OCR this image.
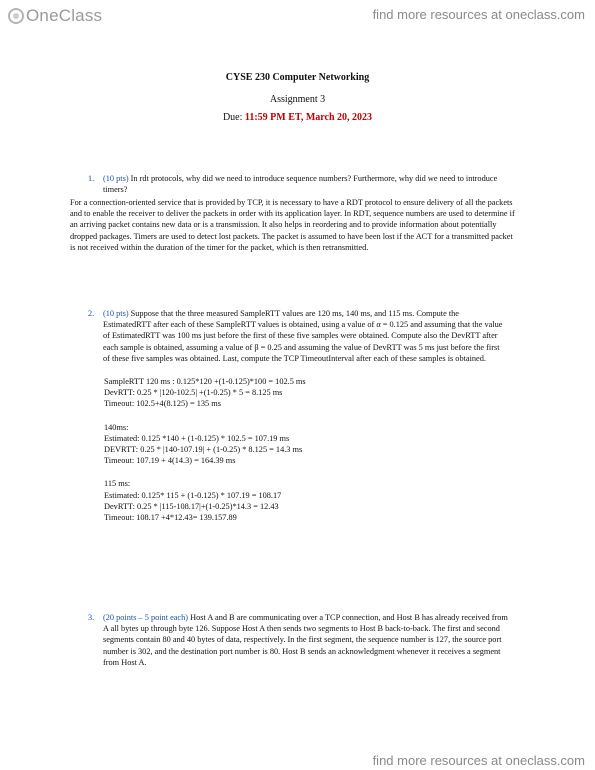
OneClass	find more resources at oneclass.com
CYSE 230 Computer Networking
Assignment 3
Due: 11:59 PM ET, March 20, 2023
1. (10 pts) In rdt protocols, why did we need to introduce sequence numbers? Furthermore, why did we need to introduce timers?
For a connection-oriented service that is provided by TCP, it is necessary to have a RDT protocol to ensure delivery of all the packets and to enable the receiver to deliver the packets in order with its application layer. In RDT, sequence numbers are used to determine if an arriving packet contains new data or is a transmission. It also helps in reordering and to provide information about potentially dropped packages. Timers are used to detect lost packets. The packet is assumed to have been lost if the ACT for a transmitted packet is not received within the duration of the timer for the packet, which is then retransmitted.
2. (10 pts) Suppose that the three measured SampleRTT values are 120 ms, 140 ms, and 115 ms. Compute the EstimatedRTT after each of these SampleRTT values is obtained, using a value of α = 0.125 and assuming that the value of EstimatedRTT was 100 ms just before the first of these five samples were obtained. Compute also the DevRTT after each sample is obtained, assuming a value of β = 0.25 and assuming the value of DevRTT was 5 ms just before the first of these five samples was obtained. Last, compute the TCP TimeoutInterval after each of these samples is obtained.
SampleRTT 120 ms : 0.125*120 +(1-0.125)*100 = 102.5 ms
DevRTT: 0.25 * |120-102.5| +(1-0.25) * 5 = 8.125 ms
Timeout: 102.5+4(8.125) = 135 ms
140ms:
Estimated: 0.125 *140 + (1-0.125) * 102.5 = 107.19 ms
DEVRTT: 0.25 * |140-107.19| + (1-0.25) * 8.125 = 14.3 ms
Timeout: 107.19 + 4(14.3) = 164.39 ms
115 ms:
Estimated: 0.125* 115 + (1-0.125) * 107.19 = 108.17
DevRTT: 0.25 * |115-108.17|+(1-0.25)*14.3 = 12.43
Timeout: 108.17 +4*12.43= 139.157.89
3. (20 points – 5 point each) Host A and B are communicating over a TCP connection, and Host B has already received from A all bytes up through byte 126. Suppose Host A then sends two segments to Host B back-to-back. The first and second segments contain 80 and 40 bytes of data, respectively. In the first segment, the sequence number is 127, the source port number is 302, and the destination port number is 80. Host B sends an acknowledgment whenever it receives a segment from Host A.
find more resources at oneclass.com
